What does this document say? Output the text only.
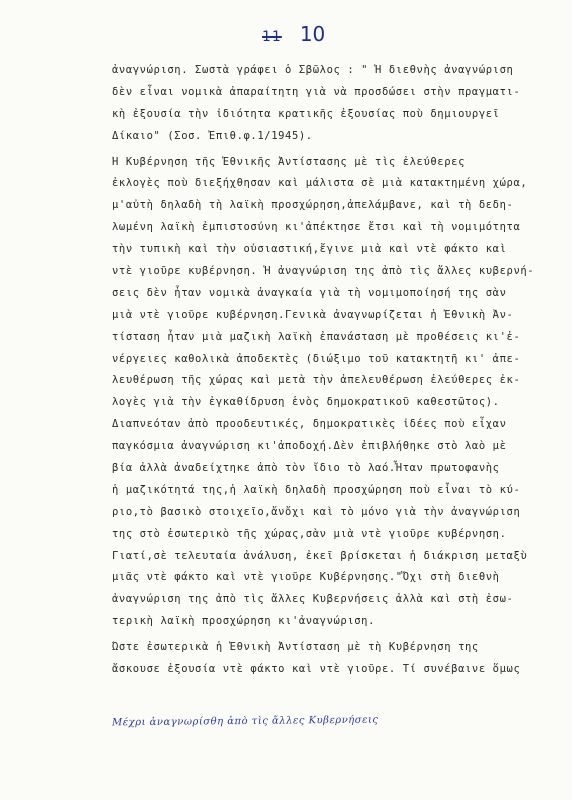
11 10
ἀναγνώριση. Σωστὰ γράφει ὁ Σβῶλος : " Ἡ διεθνὴς ἀναγνώριση
δὲν εἶναι νομικὰ ἀπαραίτητη γιὰ νὰ προσδώσει στὴν πραγματι-
κὴ ἐξουσία τὴν ἰδιότητα κρατικῆς ἐξουσίας ποὺ δημιουργεῖ
Δίκαιο" (Σοσ. Ἐπιθ.φ.1/1945).
Ἡ Κυβέρνηση τῆς Ἐθνικῆς Ἀντίστασης μὲ τὶς ἐλεύθερες
ἐκλογὲς ποὺ διεξήχθησαν καὶ μάλιστα σὲ μιὰ κατακτημένη χώρα,
μ'αὐτὴ δηλαδὴ τὴ λαϊκὴ προσχώρηση,ἀπελάμβανε, καὶ τὴ δεδη-
λωμένη λαϊκὴ ἐμπιστοσύνη κι'ἀπέκτησε ἔτσι καὶ τὴ νομιμότητα
τὴν τυπικὴ καὶ τὴν οὐσιαστική,ἔγινε μιὰ καὶ ντὲ φάκτο καὶ
ντὲ γιοῦρε κυβέρνηση. Ἡ ἀναγνώριση της ἀπὸ τὶς ἄλλες κυβερνή-
σεις δὲν ἦταν νομικὰ ἀναγκαία γιὰ τὴ νομιμοποίησή της σὰν
μιὰ ντὲ γιοῦρε κυβέρνηση.Γενικὰ ἀναγνωρίζεται ἡ Ἐθνικὴ Ἀν-
τίσταση ἦταν μιὰ μαζικὴ λαϊκὴ ἐπανάσταση μὲ προθέσεις κι'ἐ-
νέργειες καθολικὰ ἀποδεκτὲς (διώξιμο τοῦ κατακτητῆ κι' ἀπε-
λευθέρωση τῆς χώρας καὶ μετὰ τὴν ἀπελευθέρωση ἐλεύθερες ἐκ-
λογὲς γιὰ τὴν ἐγκαθίδρυση ἑνὸς δημοκρατικοῦ καθεστῶτος).
Διαπνεόταν ἀπὸ προοδευτικές, δημοκρατικὲς ἰδέες ποὺ εἶχαν
παγκόσμια ἀναγνώριση κι'ἀποδοχή.Δὲν ἐπιβλήθηκε στὸ λαὸ μὲ
βία ἀλλὰ ἀναδείχτηκε ἀπὸ τὸν ἴδιο τὸ λαό.Ἦταν πρωτοφανὴς
ἡ μαζικότητά της,ἡ λαϊκὴ δηλαδὴ προσχώρηση ποὺ εἶναι τὸ κύ-
ριο,τὸ βασικὸ στοιχεῖο,ἄνὄχι καὶ τὸ μόνο γιὰ τὴν ἀναγνώριση
της στὸ ἐσωτερικὸ τῆς χώρας,σὰν μιὰ ντὲ γιοῦρε κυβέρνηση.
Γιατί,σὲ τελευταία ἀνάλυση, ἐκεῖ βρίσκεται ἡ διάκριση μεταξὺ
μιᾶς ντὲ φάκτο καὶ ντὲ γιοῦρε Κυβέρνησης."Ὄχι στὴ διεθνὴ
ἀναγνώριση της ἀπὸ τὶς ἄλλες Κυβερνήσεις ἀλλὰ καὶ στὴ ἐσω-
τερικὴ λαϊκὴ προσχώρηση κι'ἀναγνώριση.
Ὥστε ἐσωτερικὰ ἡ Ἐθνικὴ Ἀντίσταση μὲ τὴ Κυβέρνηση της
ἄσκουσε ἐξουσία ντὲ φάκτο καὶ ντὲ γιοῦρε. Τί συνέβαινε ὅμως
Μέχρι ἀναγνωρίσθη ἀπὸ τὶς ἄλλες Κυβερνήσεις
